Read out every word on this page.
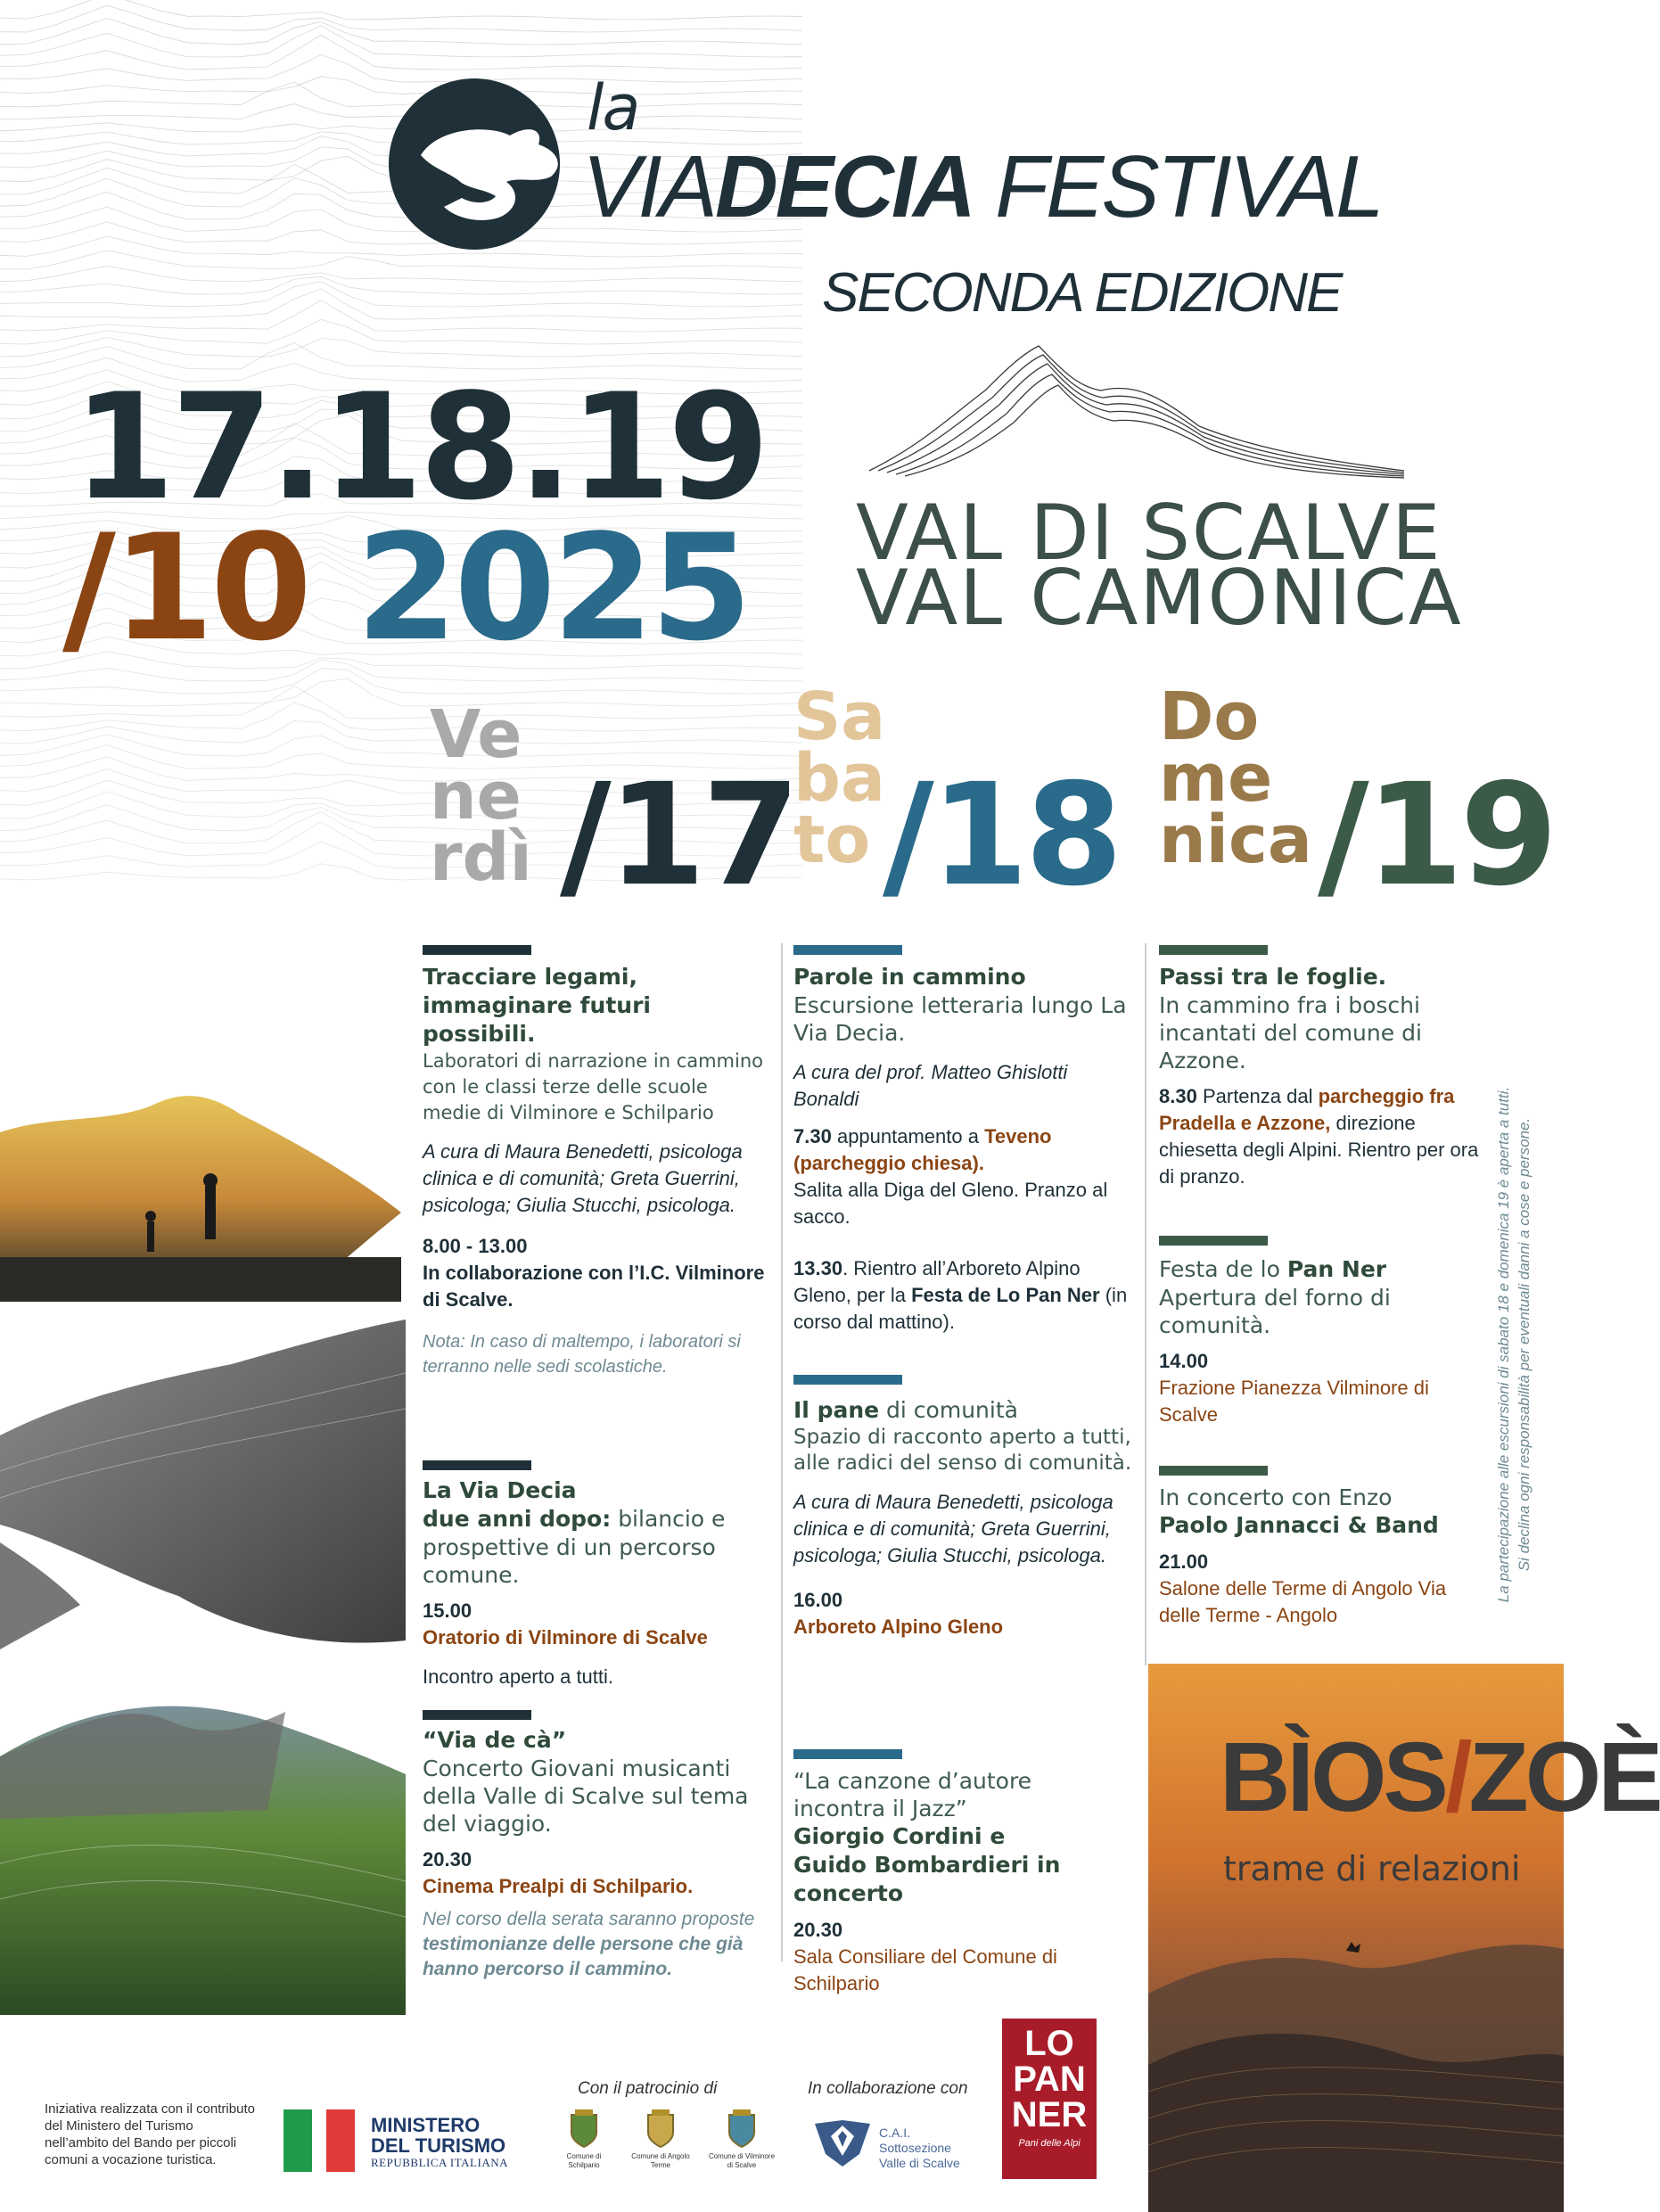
la
VIADECIA FESTIVAL
SECONDA EDIZIONE
17.18.19
/10 2025 VAL DI SCALVE
VAL CAMONICA
Ve
ne
rdì /17
Sa
ba
to /18
Do
me
nica /19

Tracciare legami, immaginare futuri possibili.

Laboratori di narrazione in cammino con le classi terze delle scuole medie di Vilminore e Schilpario

A cura di Maura Benedetti, psicologa clinica e di comunità; Greta Guerrini, psicologa; Giulia Stucchi, psicologa.

8.00 - 13.00

In collaborazione con l’I.C. Vilminore di Scalve.

Nota: In caso di maltempo, i laboratori si terranno nelle sedi scolastiche.

La Via Decia

due anni dopo: bilancio e prospettive di un percorso comune.

15.00

Oratorio di Vilminore di Scalve

Incontro aperto a tutti.

“Via de cà”

Concerto Giovani musicanti della Valle di Scalve sul tema del viaggio.

20.30

Cinema Prealpi di Schilpario.

Nel corso della serata saranno proposte testimonianze delle persone che già hanno percorso il cammino.

Parole in cammino

Escursione letteraria lungo La Via Decia.

A cura del prof. Matteo Ghislotti Bonaldi

7.30 appuntamento a Teveno (parcheggio chiesa).

Salita alla Diga del Gleno. Pranzo al sacco.

13.30. Rientro all’Arboreto Alpino Gleno, per la Festa de Lo Pan Ner (in corso dal mattino).

Il pane di comunità

Spazio di racconto aperto a tutti, alle radici del senso di comunità.

A cura di Maura Benedetti, psicologa clinica e di comunità; Greta Guerrini, psicologa; Giulia Stucchi, psicologa.

16.00

Arboreto Alpino Gleno

“La canzone d’autore incontra il Jazz”

Giorgio Cordini e Guido Bombardieri in concerto

20.30

Sala Consiliare del Comune di Schilpario

Passi tra le foglie.

In cammino fra i boschi incantati del comune di Azzone.

8.30 Partenza dal parcheggio fra Pradella e Azzone, direzione chiesetta degli Alpini. Rientro per ora di pranzo.

Festa de lo Pan Ner

Apertura del forno di comunità.

14.00

Frazione Pianezza Vilminore di Scalve

In concerto con Enzo

Paolo Jannacci & Band

21.00

Salone delle Terme di Angolo Via delle Terme - Angolo

La partecipazione alle escursioni di sabato 18 e domenica 19 è aperta a tutti. Si declina ogni responsabilità per eventuali danni a cose e persone.
BÌOS/ZOÈ
trame di relazioni
Iniziativa realizzata con il contributo del Ministero del Turismo nell’ambito del Bando per piccoli comuni a vocazione turistica.
MINISTERO
DEL TURISMO
REPUBBLICA ITALIANA
Con il patrocinio di	In collaborazione con
Comune di Schilpario
Comune di Angolo Terme
Comune di Vilminore di Scalve
C.A.I.
Sottosezione
Valle di Scalve
LO
PAN
NER
Pani delle Alpi
